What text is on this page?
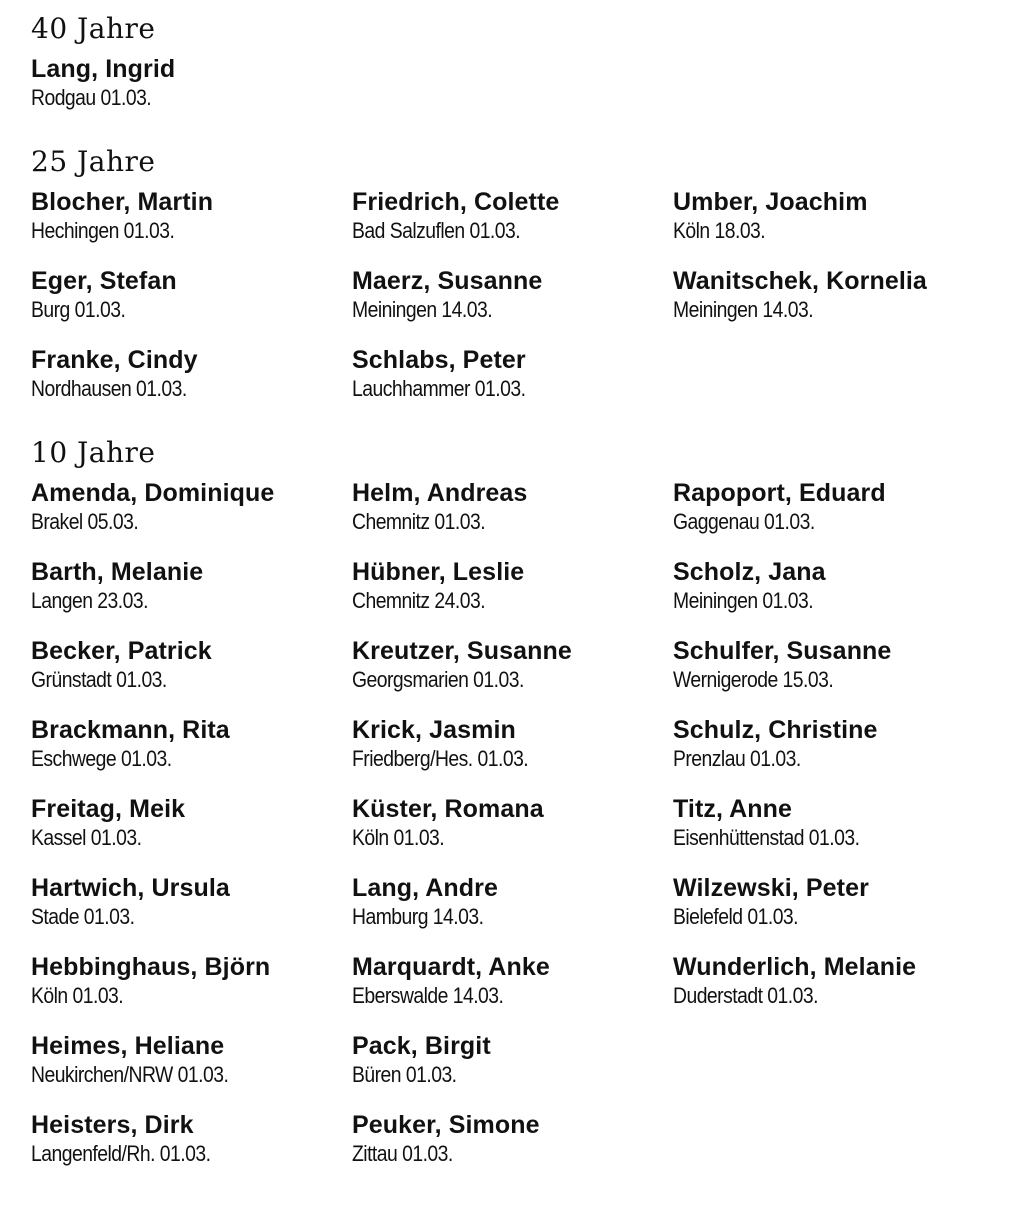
40 Jahre
Lang, Ingrid
Rodgau 01.03.
25 Jahre
Blocher, Martin
Hechingen 01.03.
Eger, Stefan
Burg 01.03.
Franke, Cindy
Nordhausen 01.03.
Friedrich, Colette
Bad Salzuflen 01.03.
Maerz, Susanne
Meiningen 14.03.
Schlabs, Peter
Lauchhammer 01.03.
Umber, Joachim
Köln 18.03.
Wanitschek, Kornelia
Meiningen 14.03.
10 Jahre
Amenda, Dominique
Brakel 05.03.
Barth, Melanie
Langen 23.03.
Becker, Patrick
Grünstadt 01.03.
Brackmann, Rita
Eschwege 01.03.
Freitag, Meik
Kassel 01.03.
Hartwich, Ursula
Stade 01.03.
Hebbinghaus, Björn
Köln 01.03.
Heimes, Heliane
Neukirchen/NRW 01.03.
Heisters, Dirk
Langenfeld/Rh. 01.03.
Helm, Andreas
Chemnitz 01.03.
Hübner, Leslie
Chemnitz 24.03.
Kreutzer, Susanne
Georgsmarien 01.03.
Krick, Jasmin
Friedberg/Hes. 01.03.
Küster, Romana
Köln 01.03.
Lang, Andre
Hamburg 14.03.
Marquardt, Anke
Eberswalde 14.03.
Pack, Birgit
Büren 01.03.
Peuker, Simone
Zittau 01.03.
Rapoport, Eduard
Gaggenau 01.03.
Scholz, Jana
Meiningen 01.03.
Schulfer, Susanne
Wernigerode 15.03.
Schulz, Christine
Prenzlau 01.03.
Titz, Anne
Eisenhüttenstad 01.03.
Wilzewski, Peter
Bielefeld 01.03.
Wunderlich, Melanie
Duderstadt 01.03.
